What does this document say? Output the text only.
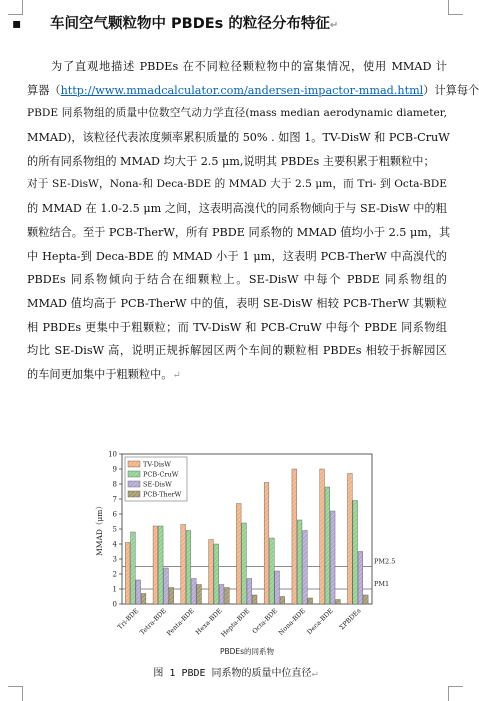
▪ 车间空气颗粒物中 PBDEs 的粒径分布特征↵
为了直观地描述 PBDEs 在不同粒径颗粒物中的富集情况，使用 MMAD 计
算器（http://www.mmadcalculator.com/andersen-impactor-mmad.html）计算每个
PBDE 同系物组的质量中位数空气动力学直径(mass median aerodynamic diameter,
MMAD)，该粒径代表浓度频率累积质量的 50% . 如图 1。TV-DisW 和 PCB-CruW
的所有同系物组的 MMAD 均大于 2.5 μm,说明其 PBDEs 主要积累于粗颗粒中；
对于 SE-DisW，Nona-和 Deca-BDE 的 MMAD 大于 2.5 μm，而 Tri- 到 Octa-BDE
的 MMAD 在 1.0-2.5 μm 之间，这表明高溴代的同系物倾向于与 SE-DisW 中的粗
颗粒结合。至于 PCB-TherW，所有 PBDE 同系物的 MMAD 值均小于 2.5 μm，其
中 Hepta-到 Deca-BDE 的 MMAD 小于 1 μm，这表明 PCB-TherW 中高溴代的
PBDEs 同系物倾向于结合在细颗粒上。SE-DisW 中每个 PBDE 同系物组的
MMAD 值均高于 PCB-TherW 中的值，表明 SE-DisW 相较 PCB-TherW 其颗粒
相 PBDEs 更集中于粗颗粒；而 TV-DisW 和 PCB-CruW 中每个 PBDE 同系物组
均比 SE-DisW 高，说明正规拆解园区两个车间的颗粒相 PBDEs 相较于拆解园区
的车间更加集中于粗颗粒中。↵
0
1
2
3
4
5
6
7
8
9
10
MMAD（μm）
PM2.5
PM1
Tri-BDE
Tetra-BDE
Penta-BDE
Hexa-BDE
Hepta-BDE Octa-BDE
Nona-BDE
Deca-BDE ΣPBDEs
PBDEs的同系物
TV-DisW
PCB-CruW
SE-DisW
PCB-TherW
图 1 PBDE 同系物的质量中位直径↵
